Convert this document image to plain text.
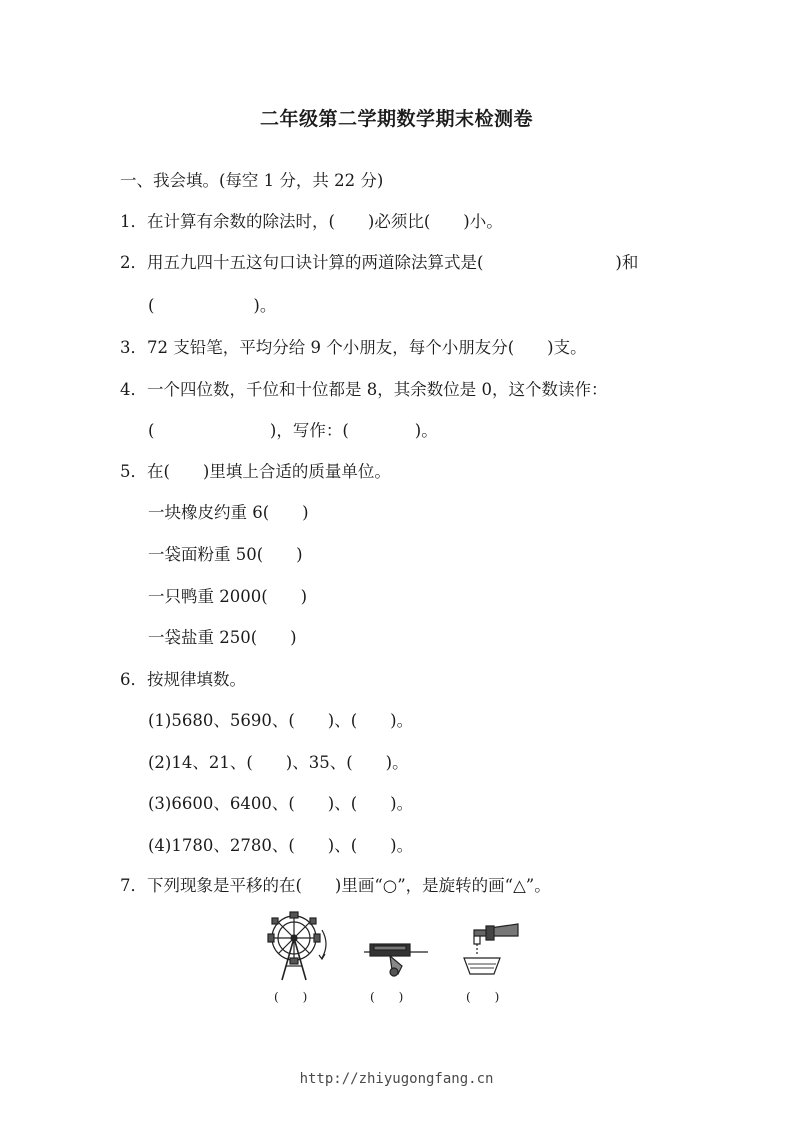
二年级第二学期数学期末检测卷
一、我会填。(每空 1 分，共 22 分)
1．在计算有余数的除法时，(　　)必须比(　　)小。
2．用五九四十五这句口诀计算的两道除法算式是(　　　　　　　　)和
(　　　　　　)。
3．72 支铅笔，平均分给 9 个小朋友，每个小朋友分(　　)支。
4．一个四位数，千位和十位都是 8，其余数位是 0，这个数读作：
(　　　　　　　)，写作：(　　　　)。
5．在(　　)里填上合适的质量单位。
一块橡皮约重 6(　　)
一袋面粉重 50(　　)
一只鸭重 2000(　　)
一袋盐重 250(　　)
6．按规律填数。
(1)5680、5690、(　　)、(　　)。
(2)14、21、(　　)、35、(　　)。
(3)6600、6400、(　　)、(　　)。
(4)1780、2780、(　　)、(　　)。
7．下列现象是平移的在(　　)里画“○”，是旋转的画“△”。
(　　)	(　　)	(　　)
http://zhiyugongfang.cn
